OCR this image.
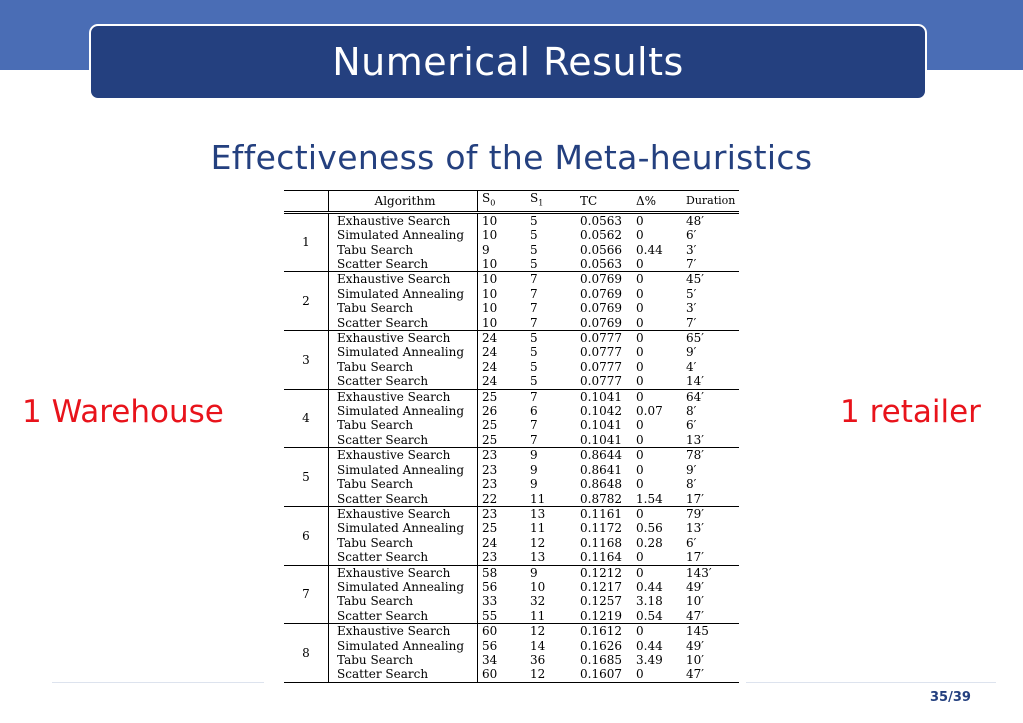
Numerical Results
Effectiveness of the Meta-heuristics
1 Warehouse	1 retailer
	Algorithm	$S_0$	$S_1$	TC	Δ%	Duration
1	Exhaustive Search	10	5	0.0563	0	48′
	Simulated Annealing	10	5	0.0562	0	6′
	Tabu Search	9	5	0.0566	0.44	3′
	Scatter Search	10	5	0.0563	0	7′
2	Exhaustive Search	10	7	0.0769	0	45′
	Simulated Annealing	10	7	0.0769	0	5′
	Tabu Search	10	7	0.0769	0	3′
	Scatter Search	10	7	0.0769	0	7′
3	Exhaustive Search	24	5	0.0777	0	65′
	Simulated Annealing	24	5	0.0777	0	9′
	Tabu Search	24	5	0.0777	0	4′
	Scatter Search	24	5	0.0777	0	14′
4	Exhaustive Search	25	7	0.1041	0	64′
	Simulated Annealing	26	6	0.1042	0.07	8′
	Tabu Search	25	7	0.1041	0	6′
	Scatter Search	25	7	0.1041	0	13′
5	Exhaustive Search	23	9	0.8644	0	78′
	Simulated Annealing	23	9	0.8641	0	9′
	Tabu Search	23	9	0.8648	0	8′
	Scatter Search	22	11	0.8782	1.54	17′
6	Exhaustive Search	23	13	0.1161	0	79′
	Simulated Annealing	25	11	0.1172	0.56	13′
	Tabu Search	24	12	0.1168	0.28	6′
	Scatter Search	23	13	0.1164	0	17′
7	Exhaustive Search	58	9	0.1212	0	143′
	Simulated Annealing	56	10	0.1217	0.44	49′
	Tabu Search	33	32	0.1257	3.18	10′
	Scatter Search	55	11	0.1219	0.54	47′
8	Exhaustive Search	60	12	0.1612	0	145
	Simulated Annealing	56	14	0.1626	0.44	49′
	Tabu Search	34	36	0.1685	3.49	10′
	Scatter Search	60	12	0.1607	0	47′
35/39
